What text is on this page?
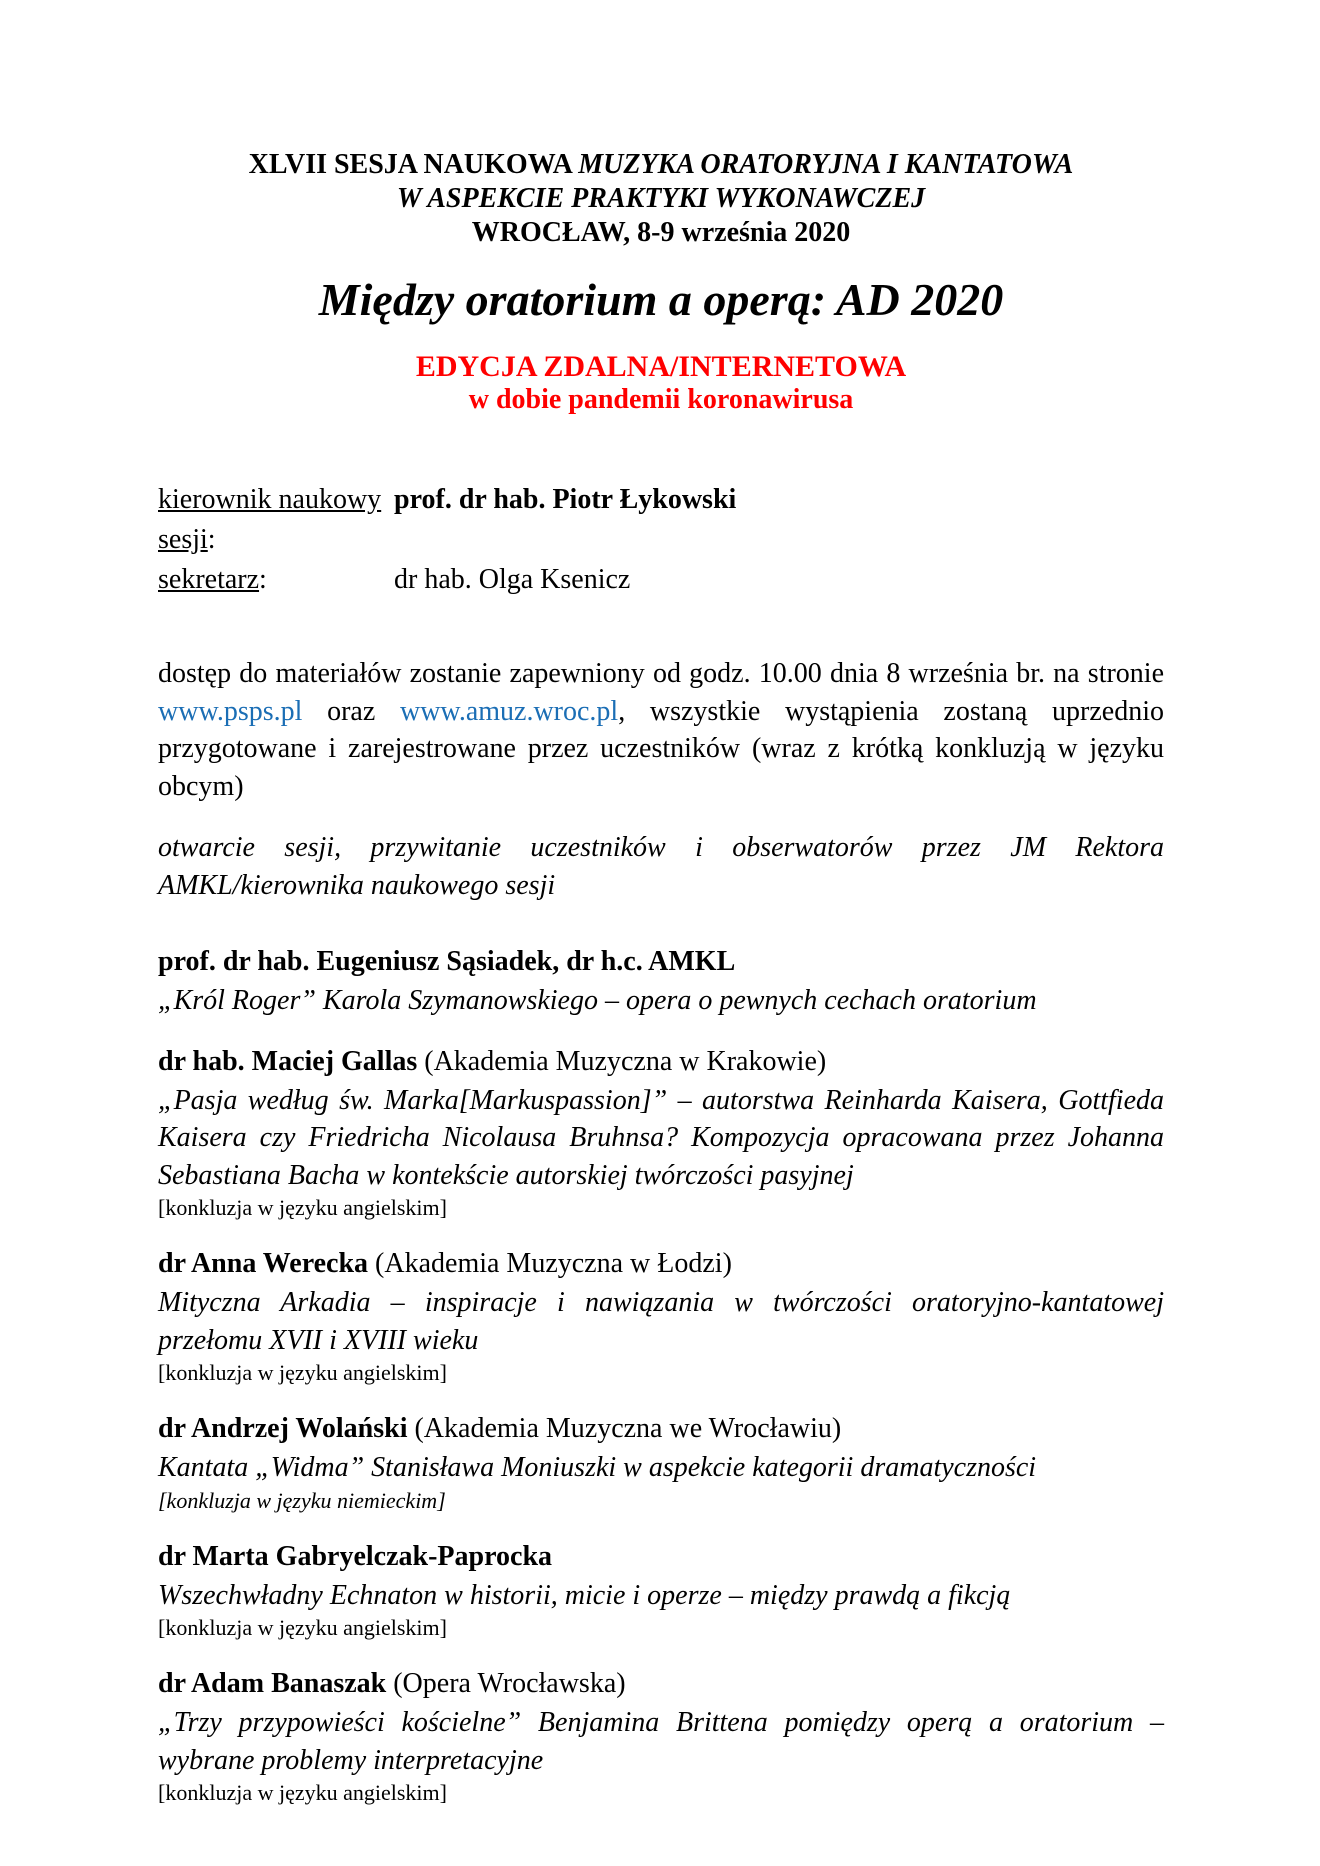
XLVII SESJA NAUKOWA MUZYKA ORATORYJNA I KANTATOWA
W ASPEKCIE PRAKTYKI WYKONAWCZEJ
WROCŁAW, 8-9 września 2020
Między oratorium a operą: AD 2020
EDYCJA ZDALNA/INTERNETOWA
w dobie pandemii koronawirusa
kierownik naukowy sesji:
prof. dr hab. Piotr Łykowski
sekretarz:	dr hab. Olga Ksenicz
dostęp do materiałów zostanie zapewniony od godz. 10.00 dnia 8 września br. na stronie www.psps.pl oraz www.amuz.wroc.pl, wszystkie wystąpienia zostaną uprzednio przygotowane i zarejestrowane przez uczestników (wraz z krótką konkluzją w języku obcym)
otwarcie sesji, przywitanie uczestników i obserwatorów przez JM Rektora AMKL/kierownika naukowego sesji
prof. dr hab. Eugeniusz Sąsiadek, dr h.c. AMKL
„Król Roger” Karola Szymanowskiego – opera o pewnych cechach oratorium
dr hab. Maciej Gallas (Akademia Muzyczna w Krakowie)
„Pasja według św. Marka[Markuspassion]” – autorstwa Reinharda Kaisera, Gottfieda Kaisera czy Friedricha Nicolausa Bruhnsa? Kompozycja opracowana przez Johanna Sebastiana Bacha w kontekście autorskiej twórczości pasyjnej
[konkluzja w języku angielskim]
dr Anna Werecka (Akademia Muzyczna w Łodzi)
Mityczna Arkadia – inspiracje i nawiązania w twórczości oratoryjno-kantatowej przełomu XVII i XVIII wieku
[konkluzja w języku angielskim]
dr Andrzej Wolański (Akademia Muzyczna we Wrocławiu)
Kantata „Widma” Stanisława Moniuszki w aspekcie kategorii dramatyczności
[konkluzja w języku niemieckim]
dr Marta Gabryelczak-Paprocka
Wszechwładny Echnaton w historii, micie i operze – między prawdą a fikcją
[konkluzja w języku angielskim]
dr Adam Banaszak (Opera Wrocławska)
„Trzy przypowieści kościelne” Benjamina Brittena pomiędzy operą a oratorium – wybrane problemy interpretacyjne
[konkluzja w języku angielskim]
